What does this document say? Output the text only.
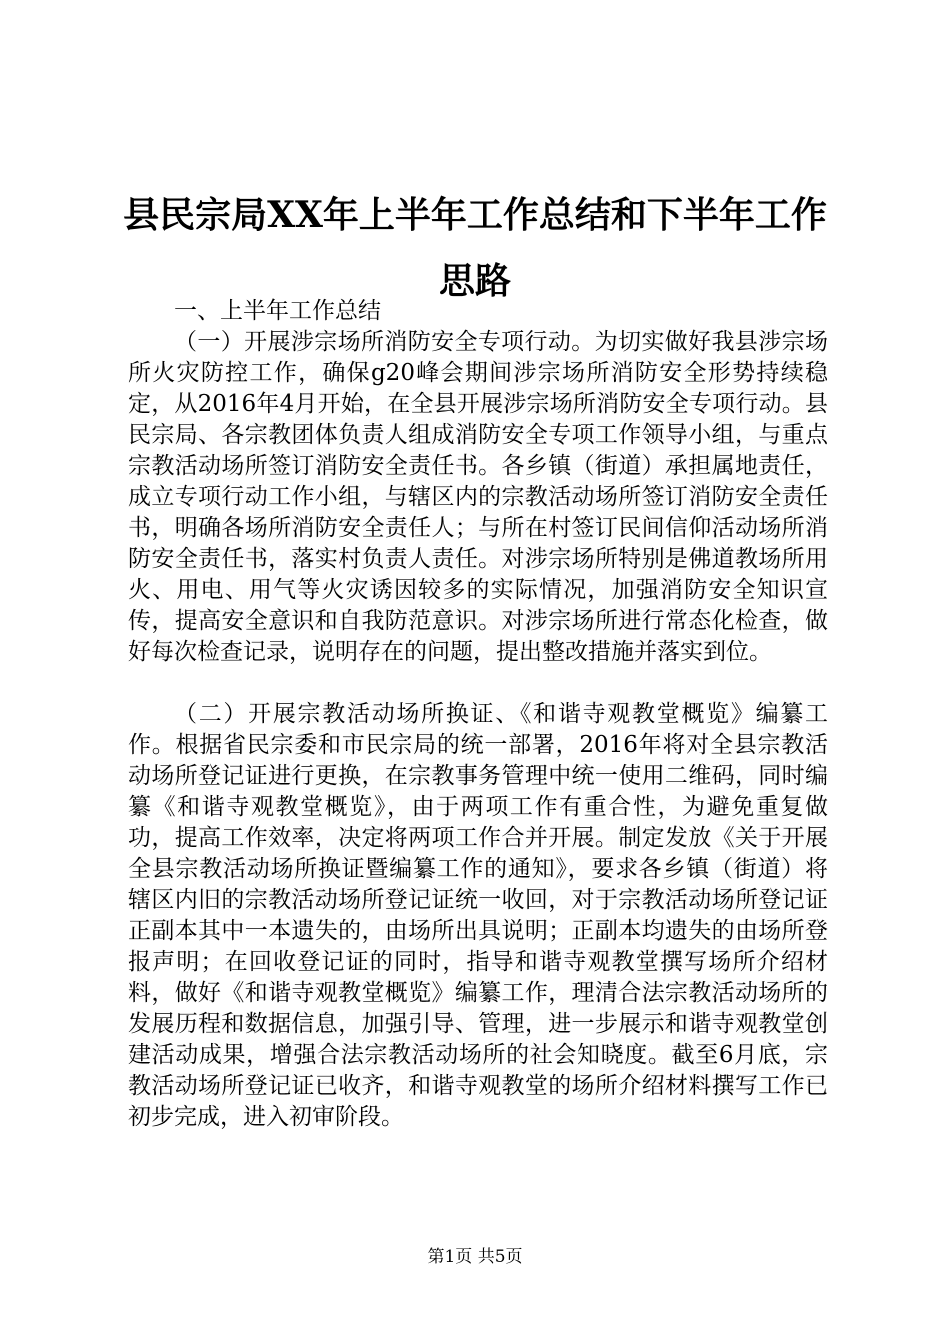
县民宗局XX年上半年工作总结和下半年工作思路

一、上半年工作总结

（一）开展涉宗场所消防安全专项行动。为切实做好我县涉宗场所火灾防控工作，确保g20峰会期间涉宗场所消防安全形势持续稳定，从2016年4月开始，在全县开展涉宗场所消防安全专项行动。县民宗局、各宗教团体负责人组成消防安全专项工作领导小组，与重点宗教活动场所签订消防安全责任书。各乡镇（街道）承担属地责任，成立专项行动工作小组，与辖区内的宗教活动场所签订消防安全责任书，明确各场所消防安全责任人；与所在村签订民间信仰活动场所消防安全责任书，落实村负责人责任。对涉宗场所特别是佛道教场所用火、用电、用气等火灾诱因较多的实际情况，加强消防安全知识宣传，提高安全意识和自我防范意识。对涉宗场所进行常态化检查，做好每次检查记录，说明存在的问题，提出整改措施并落实到位。

（二）开展宗教活动场所换证、《和谐寺观教堂概览》编纂工作。根据省民宗委和市民宗局的统一部署，2016年将对全县宗教活动场所登记证进行更换，在宗教事务管理中统一使用二维码，同时编纂《和谐寺观教堂概览》，由于两项工作有重合性，为避免重复做功，提高工作效率，决定将两项工作合并开展。制定发放《关于开展全县宗教活动场所换证暨编纂工作的通知》，要求各乡镇（街道）将辖区内旧的宗教活动场所登记证统一收回，对于宗教活动场所登记证正副本其中一本遗失的，由场所出具说明；正副本均遗失的由场所登报声明；在回收登记证的同时，指导和谐寺观教堂撰写场所介绍材料，做好《和谐寺观教堂概览》编纂工作，理清合法宗教活动场所的发展历程和数据信息，加强引导、管理，进一步展示和谐寺观教堂创建活动成果，增强合法宗教活动场所的社会知晓度。截至6月底，宗教活动场所登记证已收齐，和谐寺观教堂的场所介绍材料撰写工作已初步完成，进入初审阶段。

第1页 共5页
